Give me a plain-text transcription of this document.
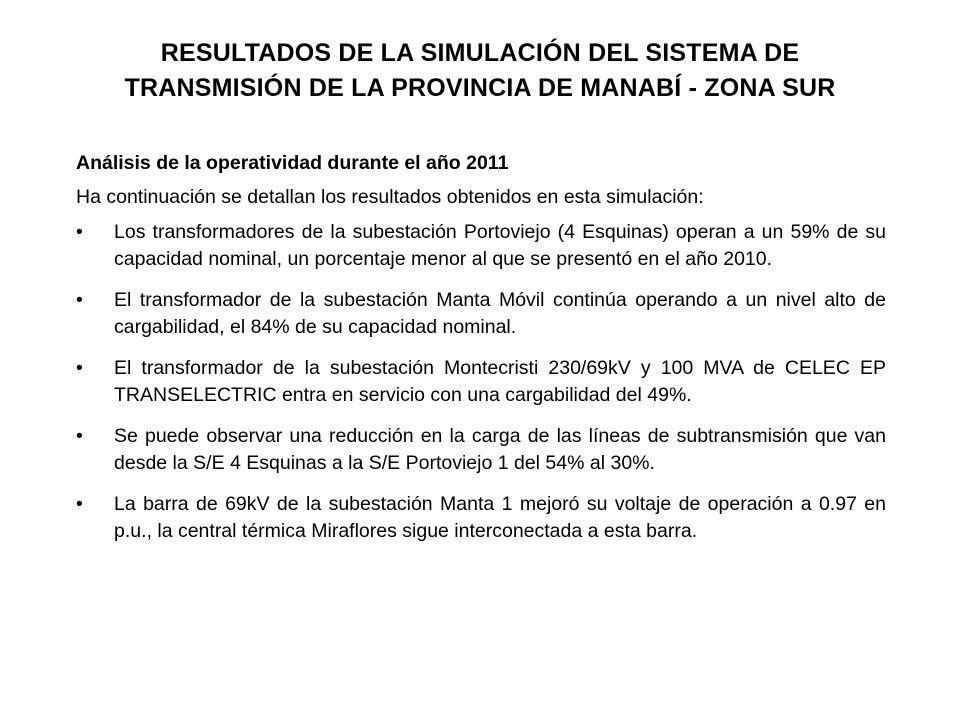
RESULTADOS DE LA SIMULACIÓN DEL SISTEMA DE
TRANSMISIÓN DE LA PROVINCIA DE MANABÍ - ZONA SUR
Análisis de la operatividad durante el año 2011
Ha continuación se detallan los resultados obtenidos en esta simulación:
•	Los transformadores de la subestación Portoviejo (4 Esquinas) operan a un 59% de su capacidad nominal, un porcentaje menor al que se presentó en el año 2010.
•	El transformador de la subestación Manta Móvil continúa operando a un nivel alto de cargabilidad, el 84% de su capacidad nominal.
•	El transformador de la subestación Montecristi 230/69kV y 100 MVA de CELEC EP TRANSELECTRIC entra en servicio con una cargabilidad del 49%.
•	Se puede observar una reducción en la carga de las líneas de subtransmisión que van desde la S/E 4 Esquinas a la S/E Portoviejo 1 del 54% al 30%.
•	La barra de 69kV de la subestación Manta 1 mejoró su voltaje de operación a 0.97 en p.u., la central térmica Miraflores sigue interconectada a esta barra.
